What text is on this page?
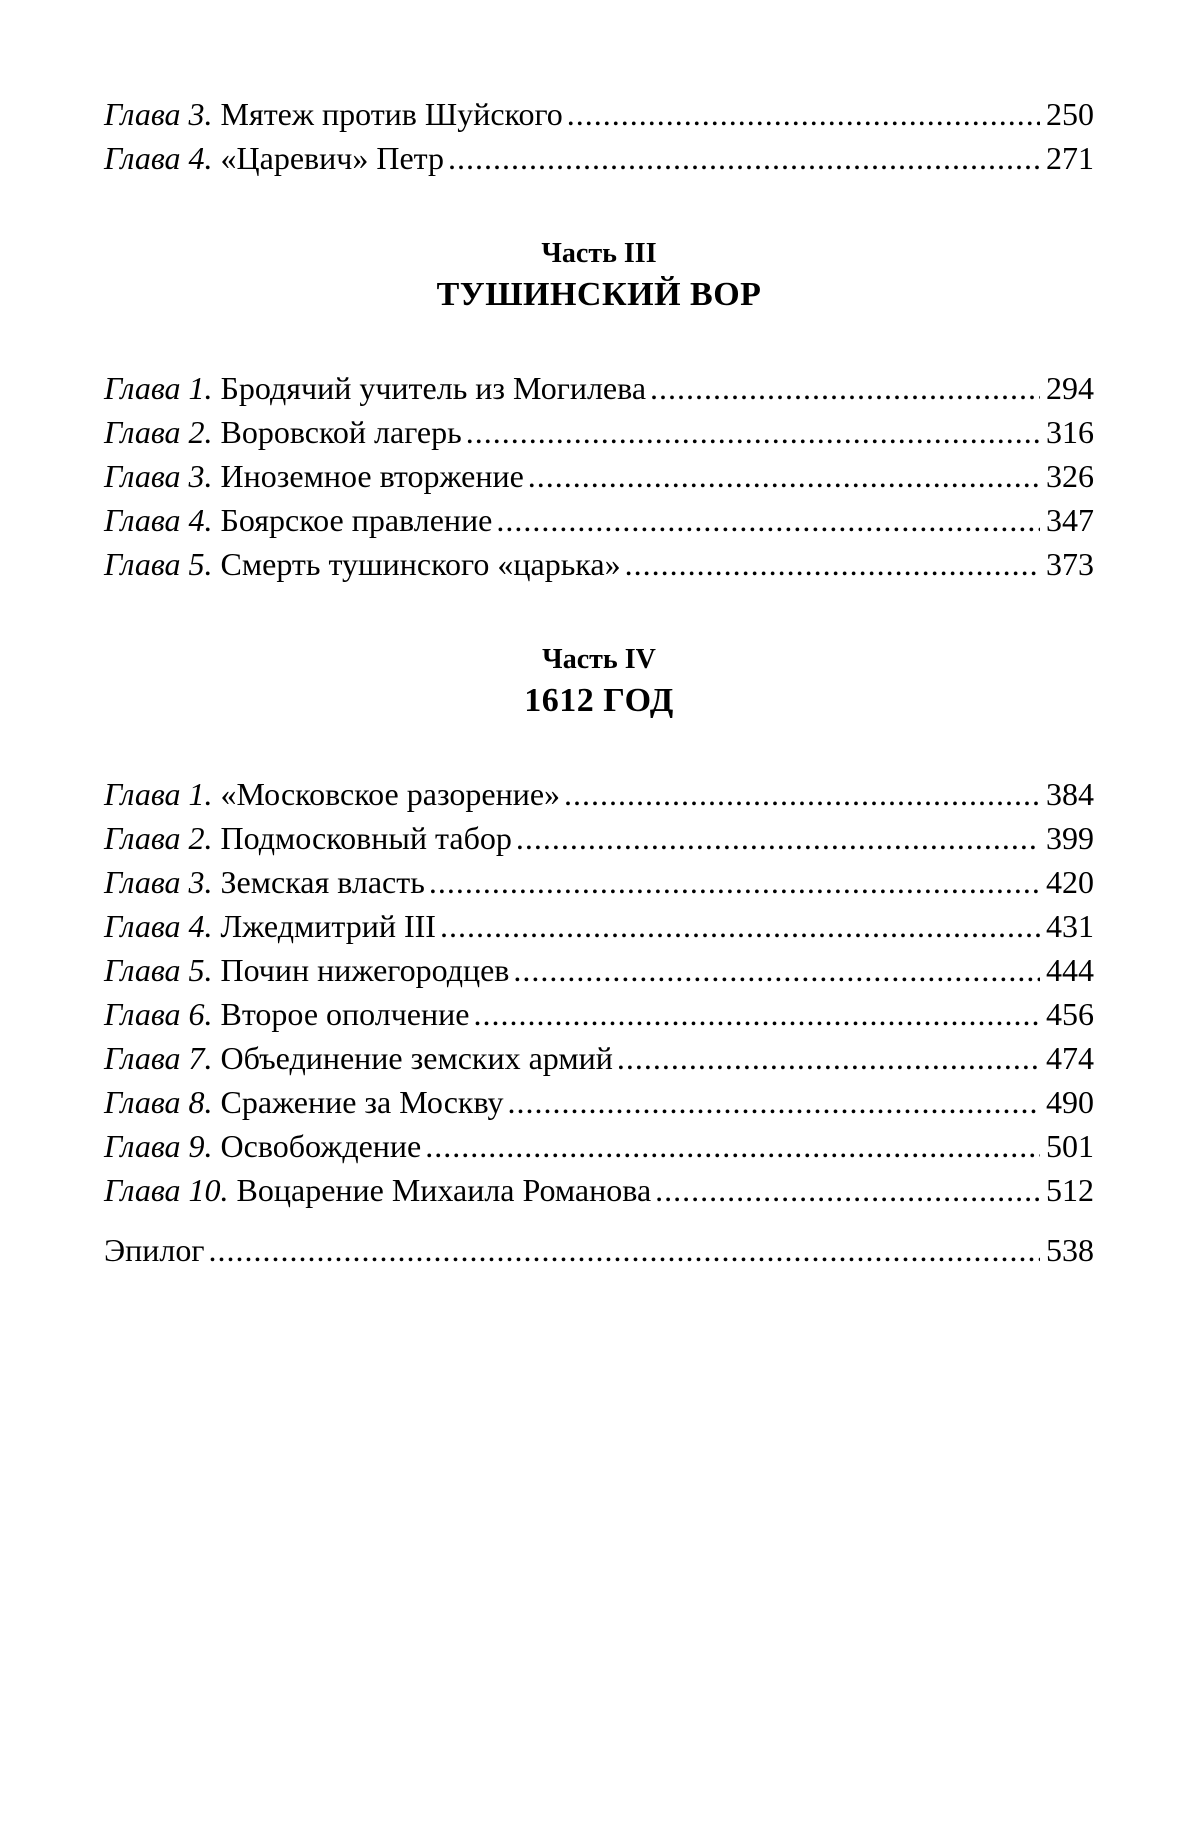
Глава 3. Мятеж против Шуйского .....	250
Глава 4. «Царевич» Петр .....	271
Часть III
ТУШИНСКИЙ ВОР
Глава 1. Бродячий учитель из Могилева .....	294
Глава 2. Воровской лагерь .....	316
Глава 3. Иноземное вторжение .....	326
Глава 4. Боярское правление .....	347
Глава 5. Смерть тушинского «царька» .....	373
Часть IV
1612 ГОД
Глава 1. «Московское разорение» .....	384
Глава 2. Подмосковный табор .....	399
Глава 3. Земская власть .....	420
Глава 4. Лжедмитрий III .....	431
Глава 5. Почин нижегородцев .....	444
Глава 6. Второе ополчение .....	456
Глава 7. Объединение земских армий .....	474
Глава 8. Сражение за Москву .....	490
Глава 9. Освобождение .....	501
Глава 10. Воцарение Михаила Романова .....	512
Эпилог .....	538
